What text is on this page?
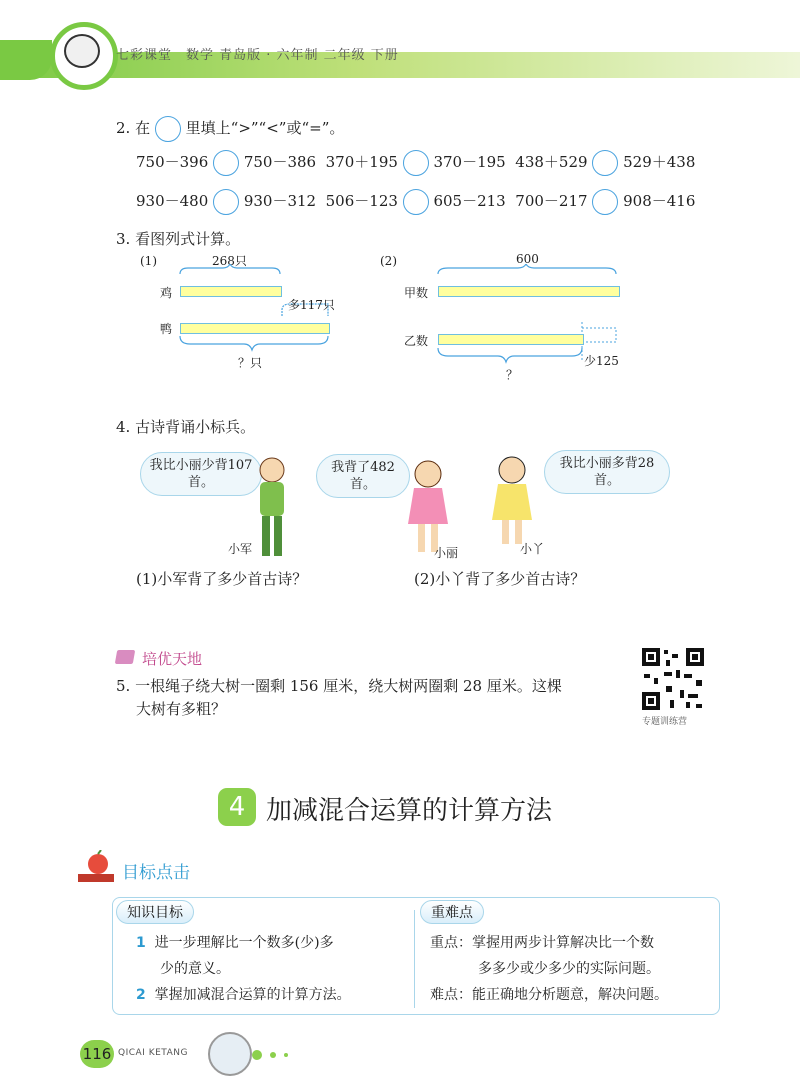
七彩课堂　数学 青岛版 · 六年制 二年级 下册
2. 在 里填上“>”“<”或“=”。
750－396 750－386 370＋195 370－195 438＋529 529＋438
930－480 930－312 506－123 605－213 700－217 908－416
3. 看图列式计算。
(1)	268只
鸡
鸭
多117只
？只
(2)	600
甲数
乙数
少125
？
4. 古诗背诵小标兵。
我比小丽少背107首。
我背了482首。
我比小丽多背28首。
小军	小丽	小丫
(1)小军背了多少首古诗？	(2)小丫背了多少首古诗？
培优天地
5. 一根绳子绕大树一圈剩 156 厘米，绕大树两圈剩 28 厘米。这棵
大树有多粗？
专题训练营
4 加减混合运算的计算方法
目标点击
知识目标	重难点
1 进一步理解比一个数多(少)多
少的意义。
2 掌握加减混合运算的计算方法。
重点：掌握用两步计算解决比一个数
多多少或少多少的实际问题。
难点：能正确地分析题意，解决问题。
116 QICAI KETANG
